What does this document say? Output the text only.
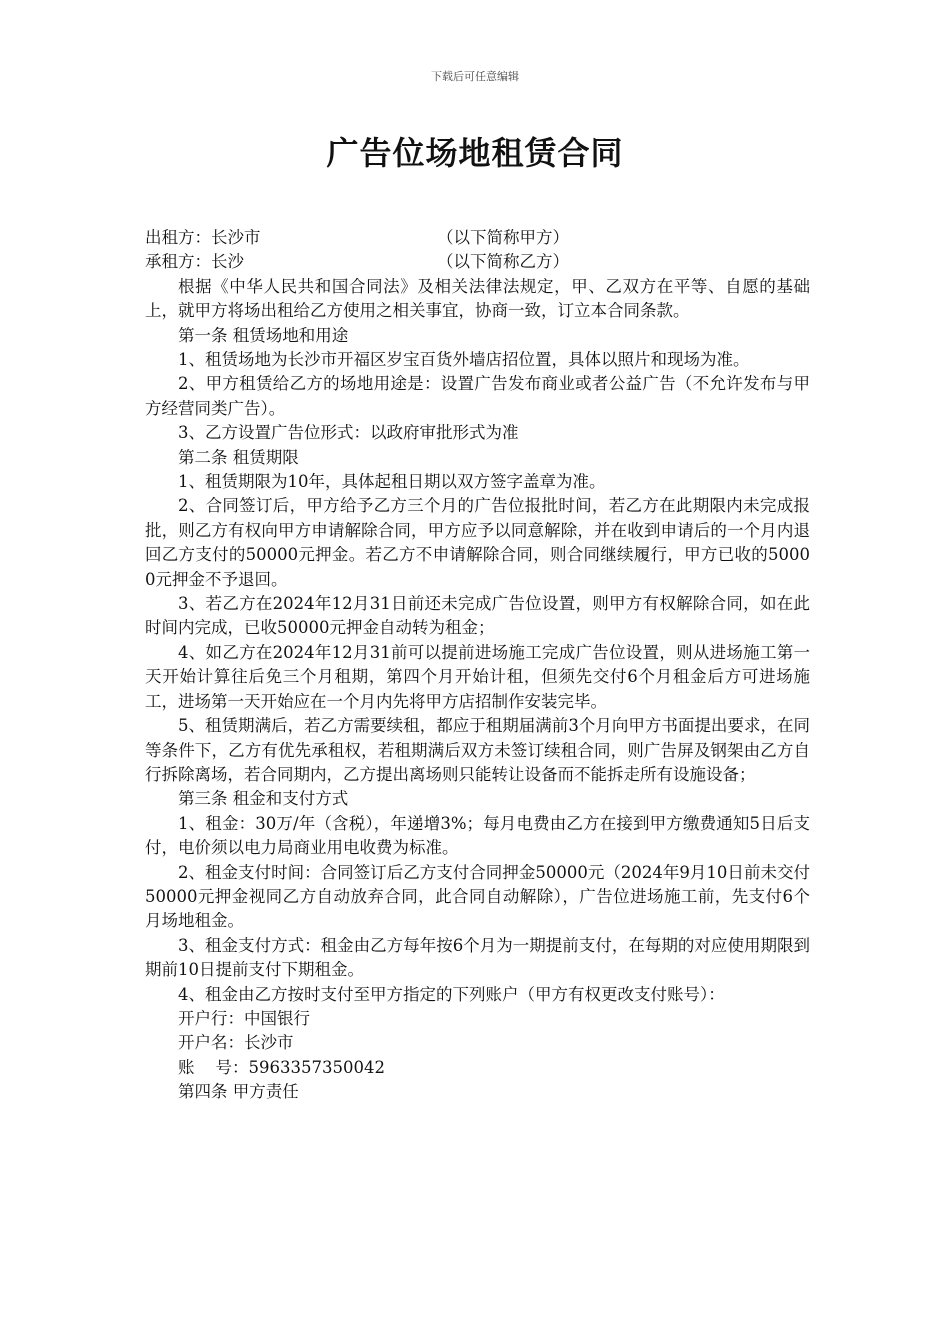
下载后可任意编辑
广告位场地租赁合同
出租方：长沙市	（以下简称甲方）
承租方：长沙	（以下简称乙方）

根据《中华人民共和国合同法》及相关法律法规定，甲、乙双方在平等、自愿的基础上，就甲方将场出租给乙方使用之相关事宜，协商一致，订立本合同条款。

第一条 租赁场地和用途

1、租赁场地为长沙市开福区岁宝百货外墙店招位置，具体以照片和现场为准。

2、甲方租赁给乙方的场地用途是：设置广告发布商业或者公益广告（不允许发布与甲方经营同类广告）。

3、乙方设置广告位形式：以政府审批形式为准

第二条 租赁期限

1、租赁期限为10年，具体起租日期以双方签字盖章为准。

2、合同签订后，甲方给予乙方三个月的广告位报批时间，若乙方在此期限内未完成报批，则乙方有权向甲方申请解除合同，甲方应予以同意解除，并在收到申请后的一个月内退回乙方支付的50000元押金。若乙方不申请解除合同，则合同继续履行，甲方已收的50000元押金不予退回。

3、若乙方在2024年12月31日前还未完成广告位设置，则甲方有权解除合同，如在此时间内完成，已收50000元押金自动转为租金；

4、如乙方在2024年12月31前可以提前进场施工完成广告位设置，则从进场施工第一天开始计算往后免三个月租期，第四个月开始计租，但须先交付6个月租金后方可进场施工，进场第一天开始应在一个月内先将甲方店招制作安装完毕。

5、租赁期满后，若乙方需要续租，都应于租期届满前3个月向甲方书面提出要求，在同等条件下，乙方有优先承租权，若租期满后双方未签订续租合同，则广告屏及钢架由乙方自行拆除离场，若合同期内，乙方提出离场则只能转让设备而不能拆走所有设施设备；

第三条 租金和支付方式

1、租金：30万/年（含税），年递增3%；每月电费由乙方在接到甲方缴费通知5日后支付，电价须以电力局商业用电收费为标准。

2、租金支付时间：合同签订后乙方支付合同押金50000元（2024年9月10日前未交付50000元押金视同乙方自动放弃合同，此合同自动解除），广告位进场施工前，先支付6个月场地租金。

3、租金支付方式：租金由乙方每年按6个月为一期提前支付，在每期的对应使用期限到期前10日提前支付下期租金。

4、租金由乙方按时支付至甲方指定的下列账户（甲方有权更改支付账号）：

开户行：中国银行

开户名：长沙市

账    号：5963357350042

第四条 甲方责任
